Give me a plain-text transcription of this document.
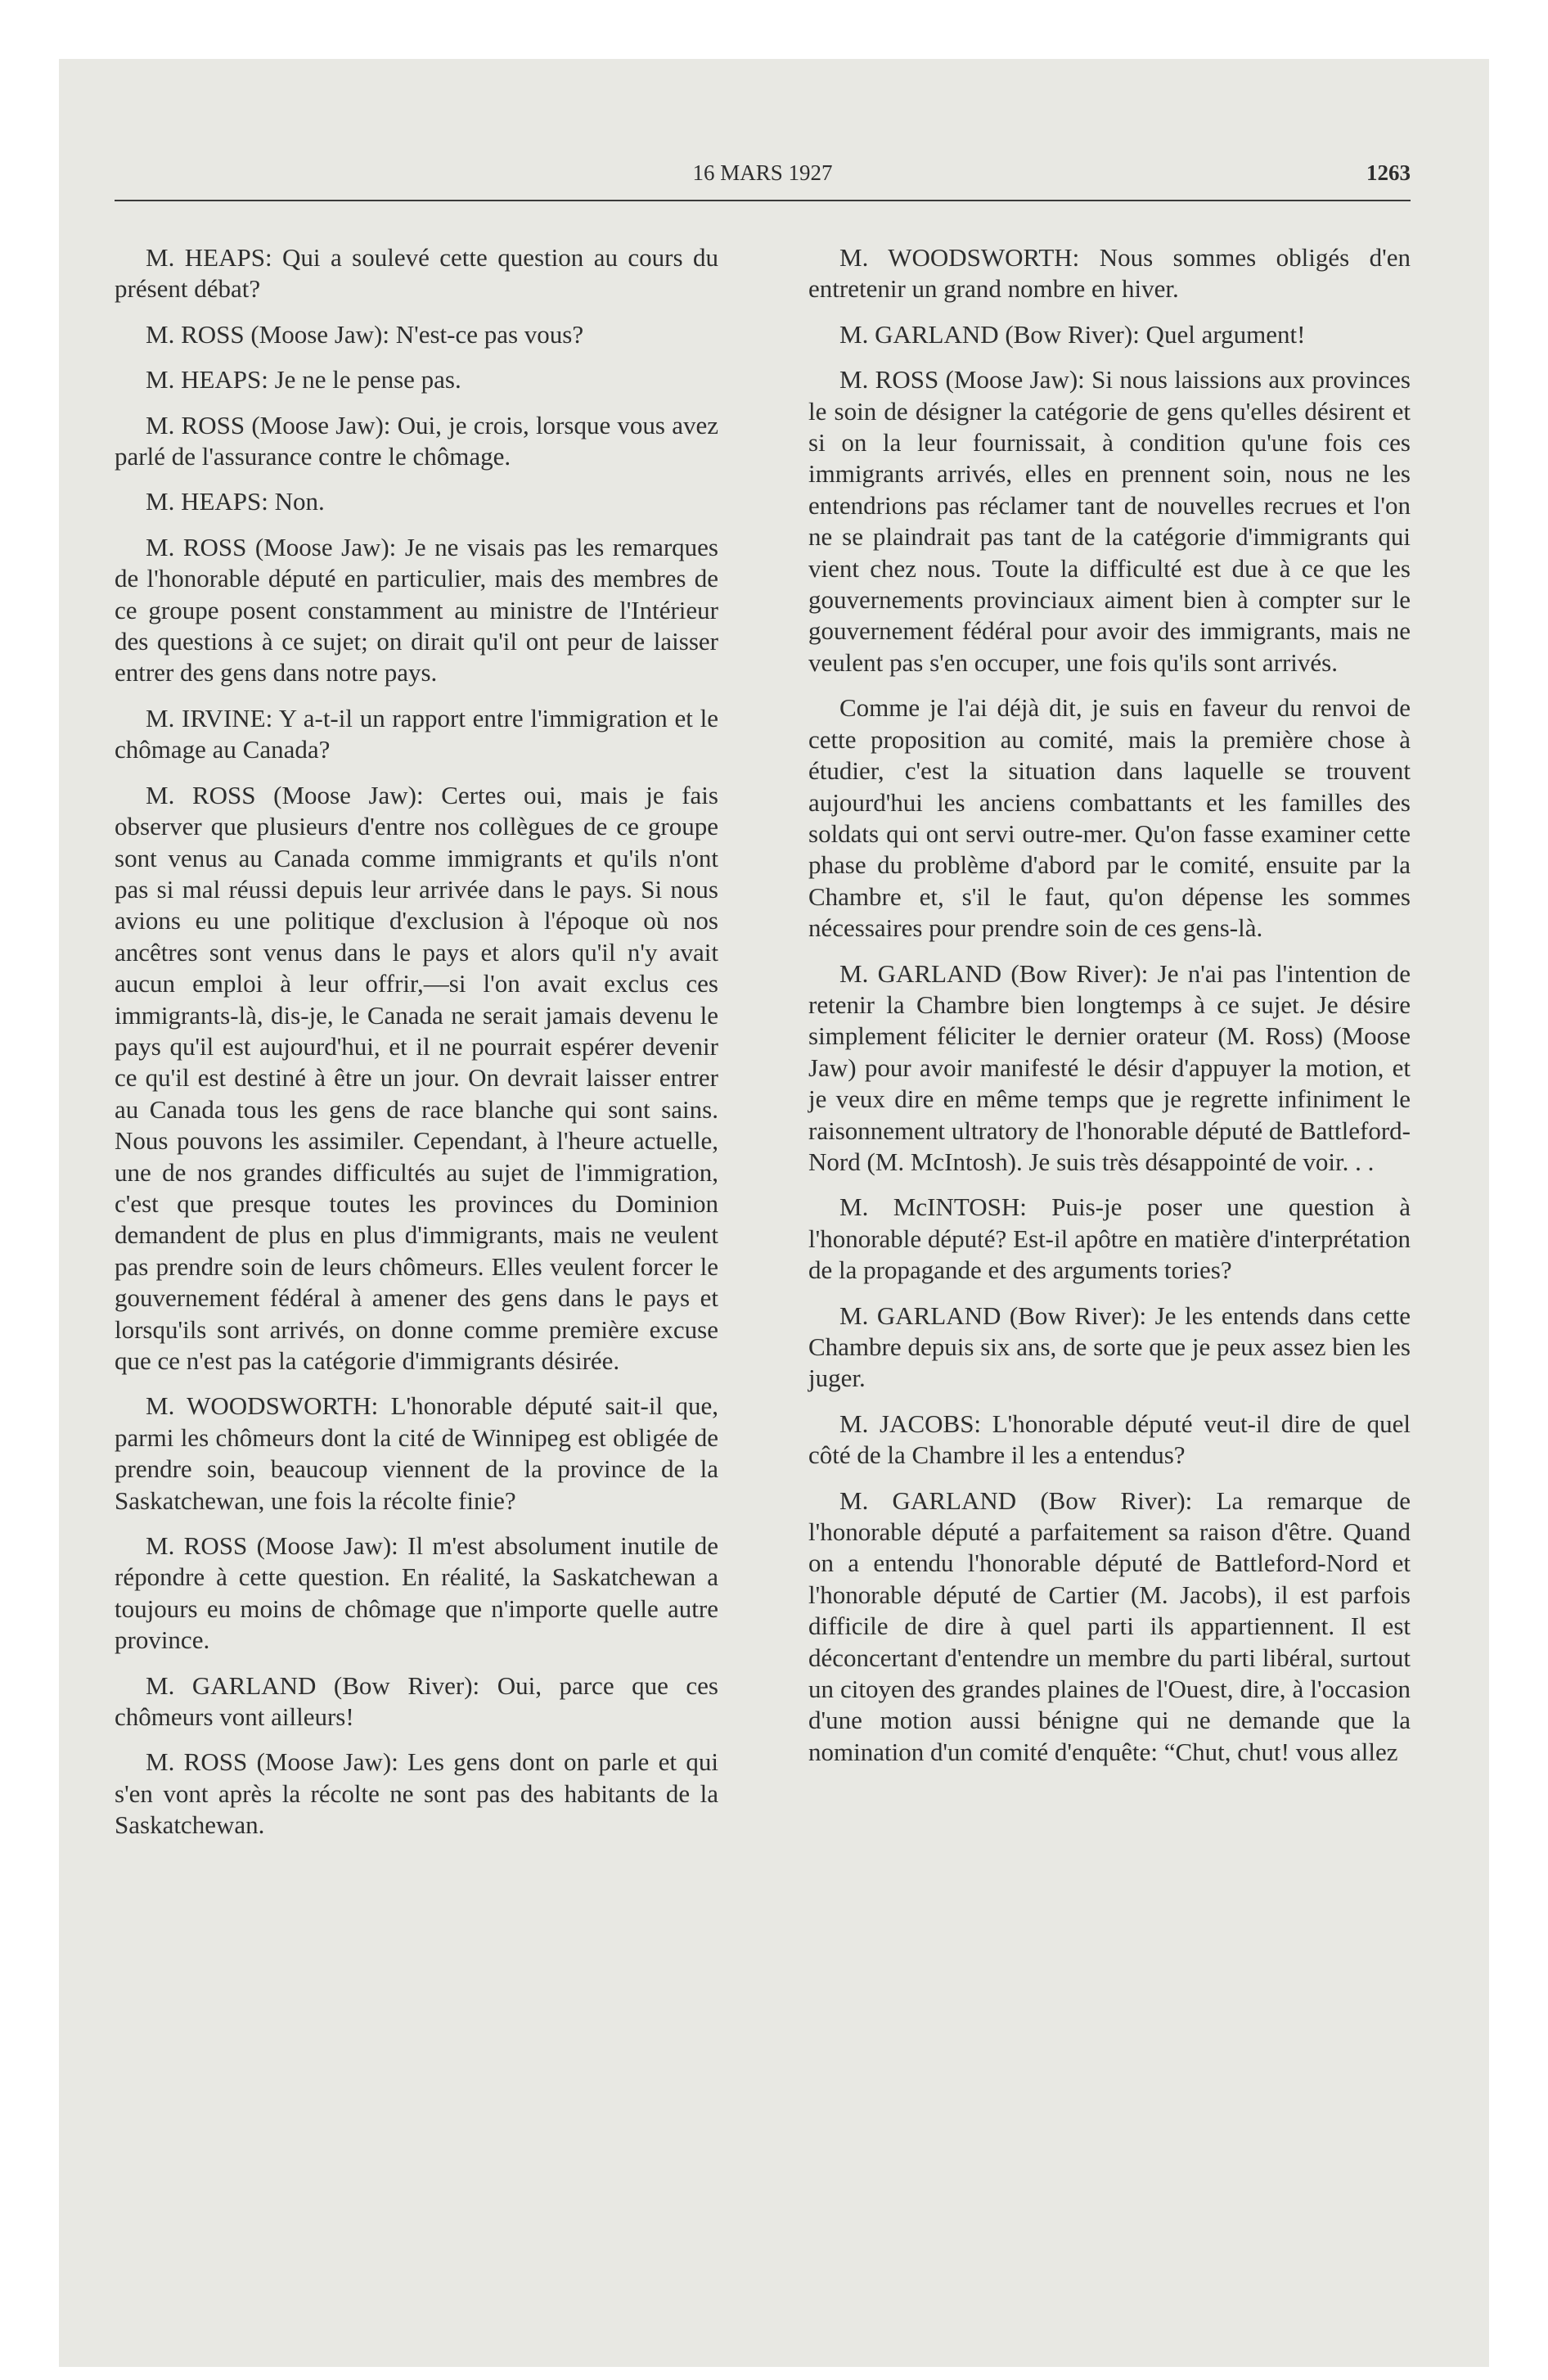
16 MARS 1927	1263

M. HEAPS: Qui a soulevé cette question au cours du présent débat?

M. ROSS (Moose Jaw): N'est-ce pas vous?

M. HEAPS: Je ne le pense pas.

M. ROSS (Moose Jaw): Oui, je crois, lorsque vous avez parlé de l'assurance contre le chômage.

M. HEAPS: Non.

M. ROSS (Moose Jaw): Je ne visais pas les remarques de l'honorable député en particulier, mais des membres de ce groupe posent constamment au ministre de l'Intérieur des questions à ce sujet; on dirait qu'il ont peur de laisser entrer des gens dans notre pays.

M. IRVINE: Y a-t-il un rapport entre l'immigration et le chômage au Canada?

M. ROSS (Moose Jaw): Certes oui, mais je fais observer que plusieurs d'entre nos collègues de ce groupe sont venus au Canada comme immigrants et qu'ils n'ont pas si mal réussi depuis leur arrivée dans le pays. Si nous avions eu une politique d'exclusion à l'époque où nos ancêtres sont venus dans le pays et alors qu'il n'y avait aucun emploi à leur offrir,—si l'on avait exclus ces immigrants-là, dis-je, le Canada ne serait jamais devenu le pays qu'il est aujourd'hui, et il ne pourrait espérer devenir ce qu'il est destiné à être un jour. On devrait laisser entrer au Canada tous les gens de race blanche qui sont sains. Nous pouvons les assimiler. Cependant, à l'heure actuelle, une de nos grandes difficultés au sujet de l'immigration, c'est que presque toutes les provinces du Dominion demandent de plus en plus d'immigrants, mais ne veulent pas prendre soin de leurs chômeurs. Elles veulent forcer le gouvernement fédéral à amener des gens dans le pays et lorsqu'ils sont arrivés, on donne comme première excuse que ce n'est pas la catégorie d'immigrants désirée.

M. WOODSWORTH: L'honorable député sait-il que, parmi les chômeurs dont la cité de Winnipeg est obligée de prendre soin, beaucoup viennent de la province de la Saskatchewan, une fois la récolte finie?

M. ROSS (Moose Jaw): Il m'est absolument inutile de répondre à cette question. En réalité, la Saskatchewan a toujours eu moins de chômage que n'importe quelle autre province.

M. GARLAND (Bow River): Oui, parce que ces chômeurs vont ailleurs!

M. ROSS (Moose Jaw): Les gens dont on parle et qui s'en vont après la récolte ne sont pas des habitants de la Saskatchewan.

M. WOODSWORTH: Nous sommes obligés d'en entretenir un grand nombre en hiver.

M. GARLAND (Bow River): Quel argument!

M. ROSS (Moose Jaw): Si nous laissions aux provinces le soin de désigner la catégorie de gens qu'elles désirent et si on la leur fournissait, à condition qu'une fois ces immigrants arrivés, elles en prennent soin, nous ne les entendrions pas réclamer tant de nouvelles recrues et l'on ne se plaindrait pas tant de la catégorie d'immigrants qui vient chez nous. Toute la difficulté est due à ce que les gouvernements provinciaux aiment bien à compter sur le gouvernement fédéral pour avoir des immigrants, mais ne veulent pas s'en occuper, une fois qu'ils sont arrivés.

Comme je l'ai déjà dit, je suis en faveur du renvoi de cette proposition au comité, mais la première chose à étudier, c'est la situation dans laquelle se trouvent aujourd'hui les anciens combattants et les familles des soldats qui ont servi outre-mer. Qu'on fasse examiner cette phase du problème d'abord par le comité, ensuite par la Chambre et, s'il le faut, qu'on dépense les sommes nécessaires pour prendre soin de ces gens-là.

M. GARLAND (Bow River): Je n'ai pas l'intention de retenir la Chambre bien longtemps à ce sujet. Je désire simplement féliciter le dernier orateur (M. Ross) (Moose Jaw) pour avoir manifesté le désir d'appuyer la motion, et je veux dire en même temps que je regrette infiniment le raisonnement ultratory de l'honorable député de Battleford-Nord (M. McIntosh). Je suis très désappointé de voir. . .

M. McINTOSH: Puis-je poser une question à l'honorable député? Est-il apôtre en matière d'interprétation de la propagande et des arguments tories?

M. GARLAND (Bow River): Je les entends dans cette Chambre depuis six ans, de sorte que je peux assez bien les juger.

M. JACOBS: L'honorable député veut-il dire de quel côté de la Chambre il les a entendus?

M. GARLAND (Bow River): La remarque de l'honorable député a parfaitement sa raison d'être. Quand on a entendu l'honorable député de Battleford-Nord et l'honorable député de Cartier (M. Jacobs), il est parfois difficile de dire à quel parti ils appartiennent. Il est déconcertant d'entendre un membre du parti libéral, surtout un citoyen des grandes plaines de l'Ouest, dire, à l'occasion d'une motion aussi bénigne qui ne demande que la nomination d'un comité d'enquête: “Chut, chut! vous allez
